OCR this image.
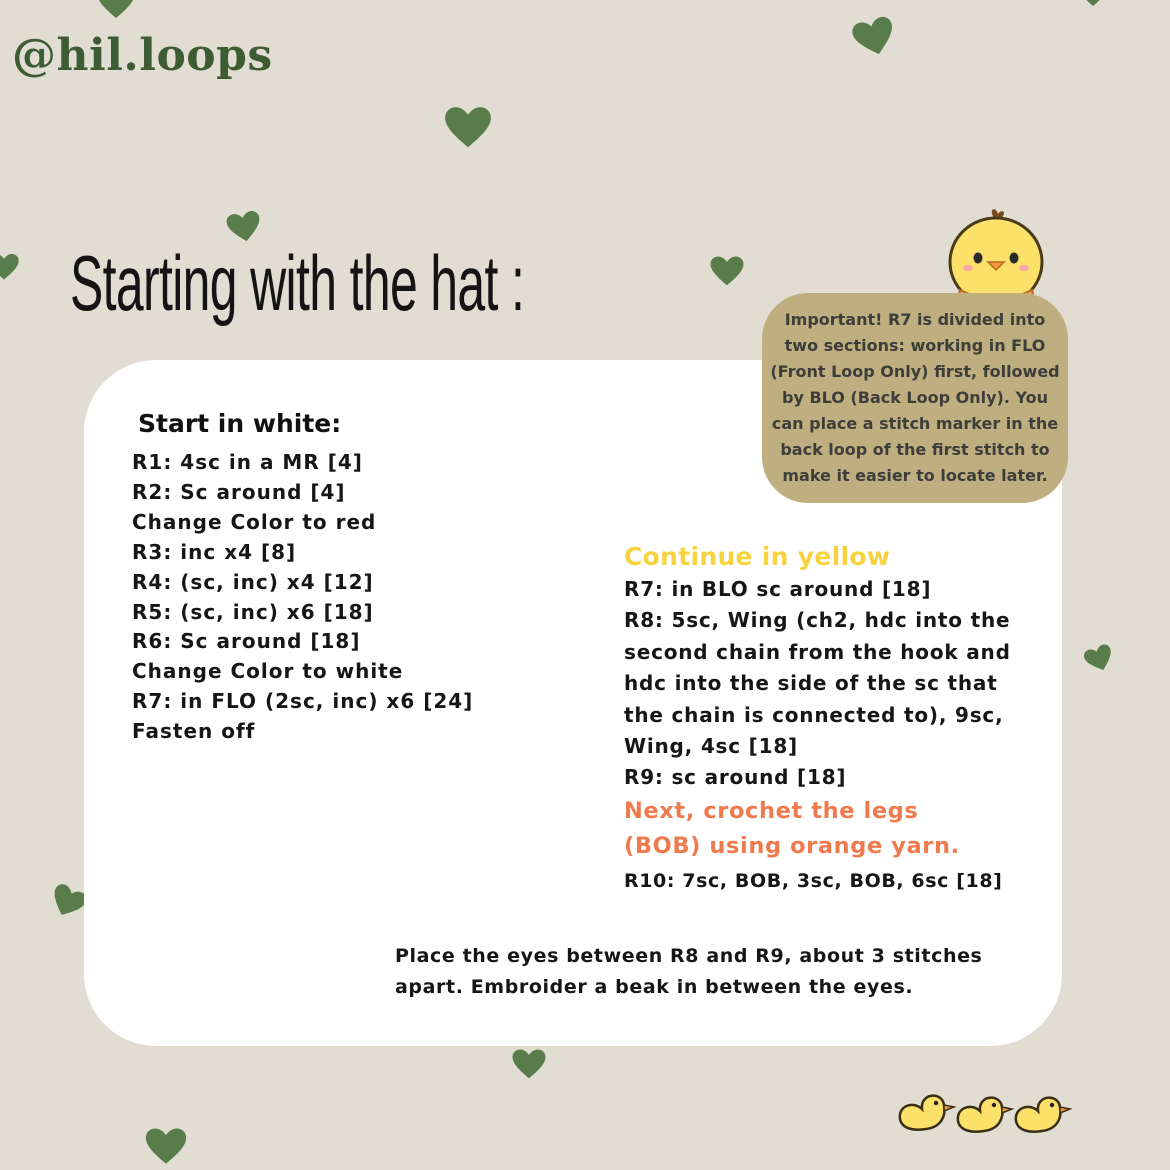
@hil.loops
Starting with the hat :	Important! R7 is divided into
two sections: working in FLO
(Front Loop Only) first, followed
by BLO (Back Loop Only). You
can place a stitch marker in the
back loop of the first stitch to
make it easier to locate later.

Start in white:
R1: 4sc in a MR [4]
R2: Sc around [4]
Change Color to red
R3: inc x4 [8]
R4: (sc, inc) x4 [12]
R5: (sc, inc) x6 [18]
R6: Sc around [18]
Change Color to white
R7: in FLO (2sc, inc) x6 [24]
Fasten off
Continue in yellow
R7: in BLO sc around [18]
R8: 5sc, Wing (ch2, hdc into the
second chain from the hook and
hdc into the side of the sc that
the chain is connected to), 9sc,
Wing, 4sc [18]
R9: sc around [18]
Next, crochet the legs
(BOB) using orange yarn.
R10: 7sc, BOB, 3sc, BOB, 6sc [18]
Place the eyes between R8 and R9, about 3 stitches
apart. Embroider a beak in between the eyes.
